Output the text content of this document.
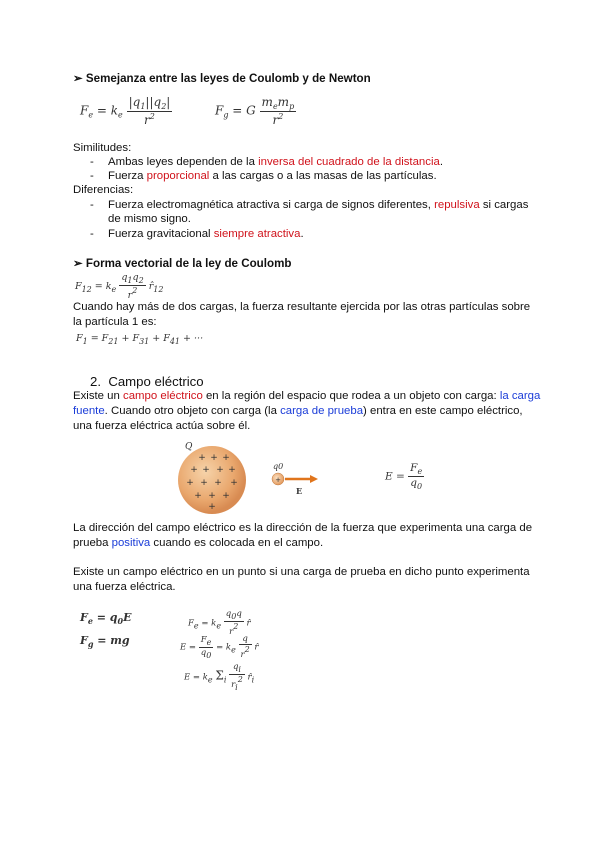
➢ Semejanza entre las leyes de Coulomb y de Newton
$F_e = k_e \frac{|q_1||q_2|}{r^2}$	$F_g = G \frac{m_em_p}{r^2}$
Similitudes:
- Ambas leyes dependen de la inversa del cuadrado de la distancia.
- Fuerza proporcional a las cargas o a las masas de las partículas.
Diferencias:
- Fuerza electromagnética atractiva si carga de signos diferentes, repulsiva si cargas
de mismo signo.
- Fuerza gravitacional siempre atractiva.
➢ Forma vectorial de la ley de Coulomb
$F_{12} = k_e \frac{q_1q_2}{r^2}$ $r̂_{12}$
Cuando hay más de dos cargas, la fuerza resultante ejercida por las otras partículas sobre
la partícula 1 es:
$F_1 = F_{21} + F_{31} + F_{41}$ + ···
2. Campo eléctrico
Existe un campo eléctrico en la región del espacio que rodea a un objeto con carga: la carga
fuente. Cuando otro objeto con carga (la carga de prueba) entra en este campo eléctrico,
una fuerza eléctrica actúa sobre él.
Q
+ + +
+ + + +
+ + + +
+ + +
+
q0
+
E
$E = \frac{F_e}{q_0}$
La dirección del campo eléctrico es la dirección de la fuerza que experimenta una carga de
prueba positiva cuando es colocada en el campo.
Existe un campo eléctrico en un punto si una carga de prueba en dicho punto experimenta
una fuerza eléctrica.
$F_e = q_0E$
$F_g$ = mg
Fe = ke $\frac{q0q}{r2}$ r̂
$E = \frac{Fe}{q0}$ = ke $\frac{q}{r2}$ r̂
E = ke Σi $\frac{qi}{ri2}$ r̂i
